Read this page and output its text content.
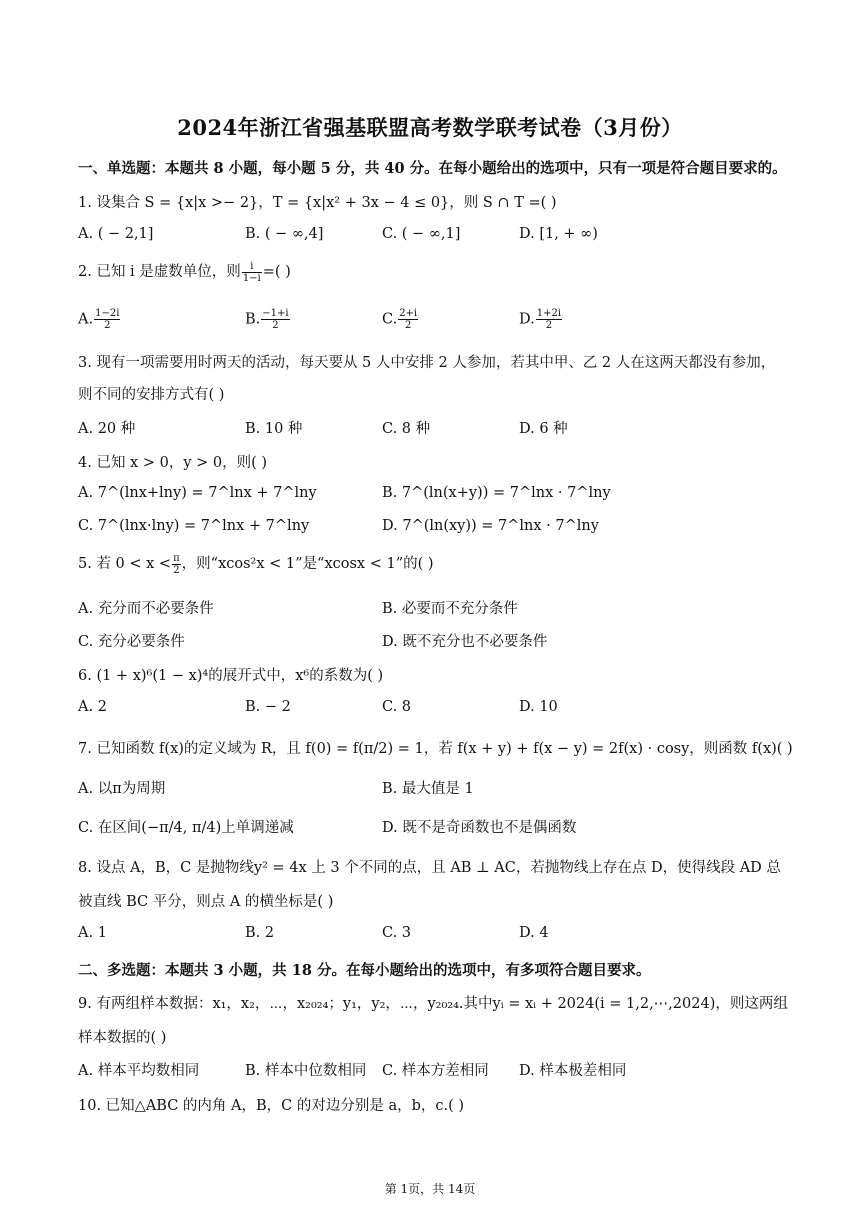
2024年浙江省强基联盟高考数学联考试卷（3月份）
一、单选题：本题共 8 小题，每小题 5 分，共 40 分。在每小题给出的选项中，只有一项是符合题目要求的。
1. 设集合 S = {x|x >− 2}，T = {x|x² + 3x − 4 ≤ 0}，则 S ∩ T =( )
A. ( − 2,1]	B. ( − ∞,4]	C. ( − ∞,1]	D. [1, + ∞)
2. 已知 i 是虚数单位，则 $\frac{i}{1-i}$ =( )
A. $\frac{1-2i}{2}$	B. $\frac{-1+i}{2}$	C. $\frac{2+i}{2}$	D. $\frac{1+2i}{2}$
3. 现有一项需要用时两天的活动，每天要从 5 人中安排 2 人参加，若其中甲、乙 2 人在这两天都没有参加，
则不同的安排方式有( )
A. 20 种	B. 10 种	C. 8 种	D. 6 种
4. 已知 x > 0，y > 0，则( )
A. 7^(lnx+lny) = 7^lnx + 7^lny	B. 7^(ln(x+y)) = 7^lnx · 7^lny
C. 7^(lnx·lny) = 7^lnx + 7^lny	D. 7^(ln(xy)) = 7^lnx · 7^lny
5. 若 $0 < x < \frac{\pi}{2}$ ，则“xcos²x < 1”是“xcosx < 1”的( )
A. 充分而不必要条件	B. 必要而不充分条件
C. 充分必要条件	D. 既不充分也不必要条件
6. (1 + x)⁶(1 − x)⁴的展开式中，x⁶的系数为( )
A. 2	B. − 2	C. 8	D. 10
7. 已知函数 f(x)的定义域为 R，且 f(0) = f(π/2) = 1，若 f(x + y) + f(x − y) = 2f(x) · cosy，则函数 f(x)( )
A. 以π为周期	B. 最大值是 1
C. 在区间(−π/4, π/4)上单调递减	D. 既不是奇函数也不是偶函数
8. 设点 A，B，C 是抛物线y² = 4x 上 3 个不同的点，且 AB ⊥ AC，若抛物线上存在点 D，使得线段 AD 总
被直线 BC 平分，则点 A 的横坐标是( )
A. 1	B. 2	C. 3	D. 4
二、多选题：本题共 3 小题，共 18 分。在每小题给出的选项中，有多项符合题目要求。
9. 有两组样本数据：x₁，x₂，⋯，x₂₀₂₄；y₁，y₂，⋯，y₂₀₂₄.其中yᵢ = xᵢ + 2024(i = 1,2,⋯,2024)，则这两组
样本数据的( )
A. 样本平均数相同	B. 样本中位数相同 C. 样本方差相同 D. 样本极差相同
10. 已知△ABC 的内角 A，B，C 的对边分别是 a，b，c.( )
第 1页，共 14页
